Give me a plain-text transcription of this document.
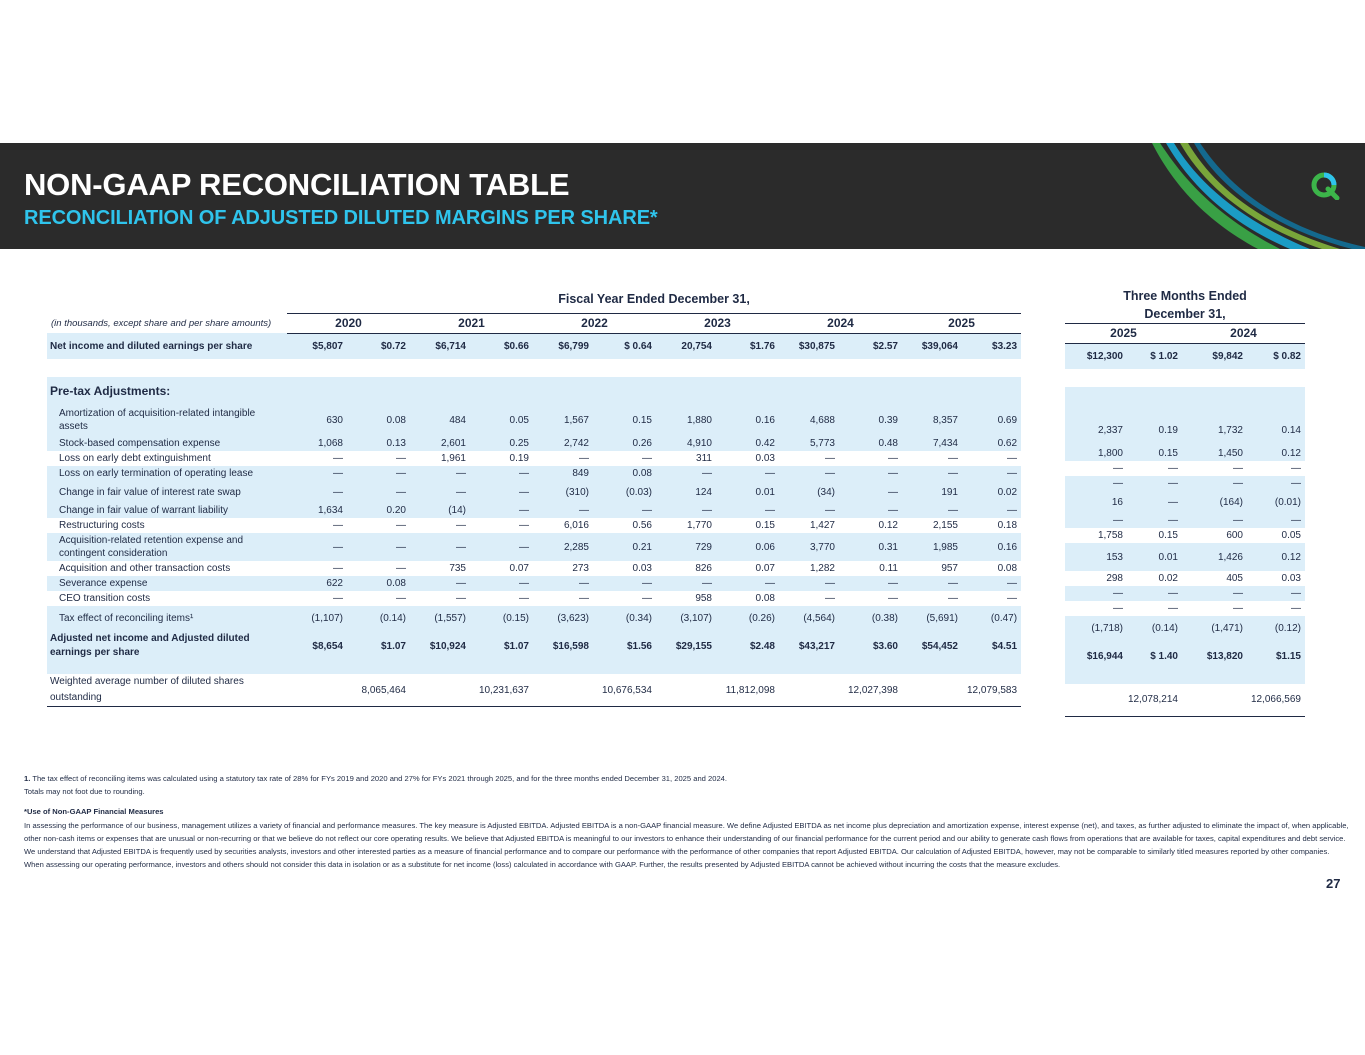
NON-GAAP RECONCILIATION TABLE
RECONCILIATION OF ADJUSTED DILUTED MARGINS PER SHARE*
	Fiscal Year Ended December 31,											

(in thousands, except share and per share amounts)	2020		2021		2022		2023		2024		2025	
Net income and diluted earnings per share	$5,807	$0.72	$6,714	$0.66	$6,799	$ 0.64	20,754	$1.76	$30,875	$2.57	$39,064	$3.23

Pre-tax Adjustments:												
Amortization of acquisition-related intangible assets	630	0.08	484	0.05	1,567	0.15	1,880	0.16	4,688	0.39	8,357	0.69
Stock-based compensation expense	1,068	0.13	2,601	0.25	2,742	0.26	4,910	0.42	5,773	0.48	7,434	0.62
Loss on early debt extinguishment	—	—	1,961	0.19	—	—	311	0.03	—	—	—	—
Loss on early termination of operating lease	—	—	—	—	849	0.08	—	—	—	—	—	—
Change in fair value of interest rate swap	—	—	—	—	(310)	(0.03)	124	0.01	(34)	—	191	0.02
Change in fair value of warrant liability	1,634	0.20	(14)	—	—	—	—	—	—	—	—	—
Restructuring costs	—	—	—	—	6,016	0.56	1,770	0.15	1,427	0.12	2,155	0.18
Acquisition-related retention expense and contingent consideration	—	—	—	—	2,285	0.21	729	0.06	3,770	0.31	1,985	0.16
Acquisition and other transaction costs	—	—	735	0.07	273	0.03	826	0.07	1,282	0.11	957	0.08
Severance expense	622	0.08	—	—	—	—	—	—	—	—	—	—
CEO transition costs	—	—	—	—	—	—	958	0.08	—	—	—	—
Tax effect of reconciling items¹	(1,107)	(0.14)	(1,557)	(0.15)	(3,623)	(0.34)	(3,107)	(0.26)	(4,564)	(0.38)	(5,691)	(0.47)
Adjusted net income and Adjusted diluted earnings per share	$8,654	$1.07	$10,924	$1.07	$16,598	$1.56	$29,155	$2.48	$43,217	$3.60	$54,452	$4.51

Weighted average number of diluted shares outstanding	8,065,464		10,231,637		10,676,534		11,812,098		12,027,398		12,079,583	
Three Months Ended			
December 31,			
2025		2024	
$12,300	$ 1.02	$9,842	$ 0.82

2,337	0.19	1,732	0.14
1,800	0.15	1,450	0.12
—	—	—	—
—	—	—	—
16	—	(164)	(0.01)
—	—	—	—
1,758	0.15	600	0.05
153	0.01	1,426	0.12
298	0.02	405	0.03
—	—	—	—
—	—	—	—
(1,718)	(0.14)	(1,471)	(0.12)
$16,944	$ 1.40	$13,820	$1.15

12,078,214		12,066,569	

1. The tax effect of reconciling items was calculated using a statutory tax rate of 28% for FYs 2019 and 2020 and 27% for FYs 2021 through 2025, and for the three months ended December 31, 2025 and 2024.

Totals may not foot due to rounding.

*Use of Non-GAAP Financial Measures

In assessing the performance of our business, management utilizes a variety of financial and performance measures. The key measure is Adjusted EBITDA. Adjusted EBITDA is a non-GAAP financial measure. We define Adjusted EBITDA as net income plus depreciation and amortization expense, interest expense (net), and taxes, as further adjusted to eliminate the impact of, when applicable, other non-cash items or expenses that are unusual or non-recurring or that we believe do not reflect our core operating results. We believe that Adjusted EBITDA is meaningful to our investors to enhance their understanding of our financial performance for the current period and our ability to generate cash flows from operations that are available for taxes, capital expenditures and debt service. We understand that Adjusted EBITDA is frequently used by securities analysts, investors and other interested parties as a measure of financial performance and to compare our performance with the performance of other companies that report Adjusted EBITDA. Our calculation of Adjusted EBITDA, however, may not be comparable to similarly titled measures reported by other companies. When assessing our operating performance, investors and others should not consider this data in isolation or as a substitute for net income (loss) calculated in accordance with GAAP. Further, the results presented by Adjusted EBITDA cannot be achieved without incurring the costs that the measure excludes.

27
